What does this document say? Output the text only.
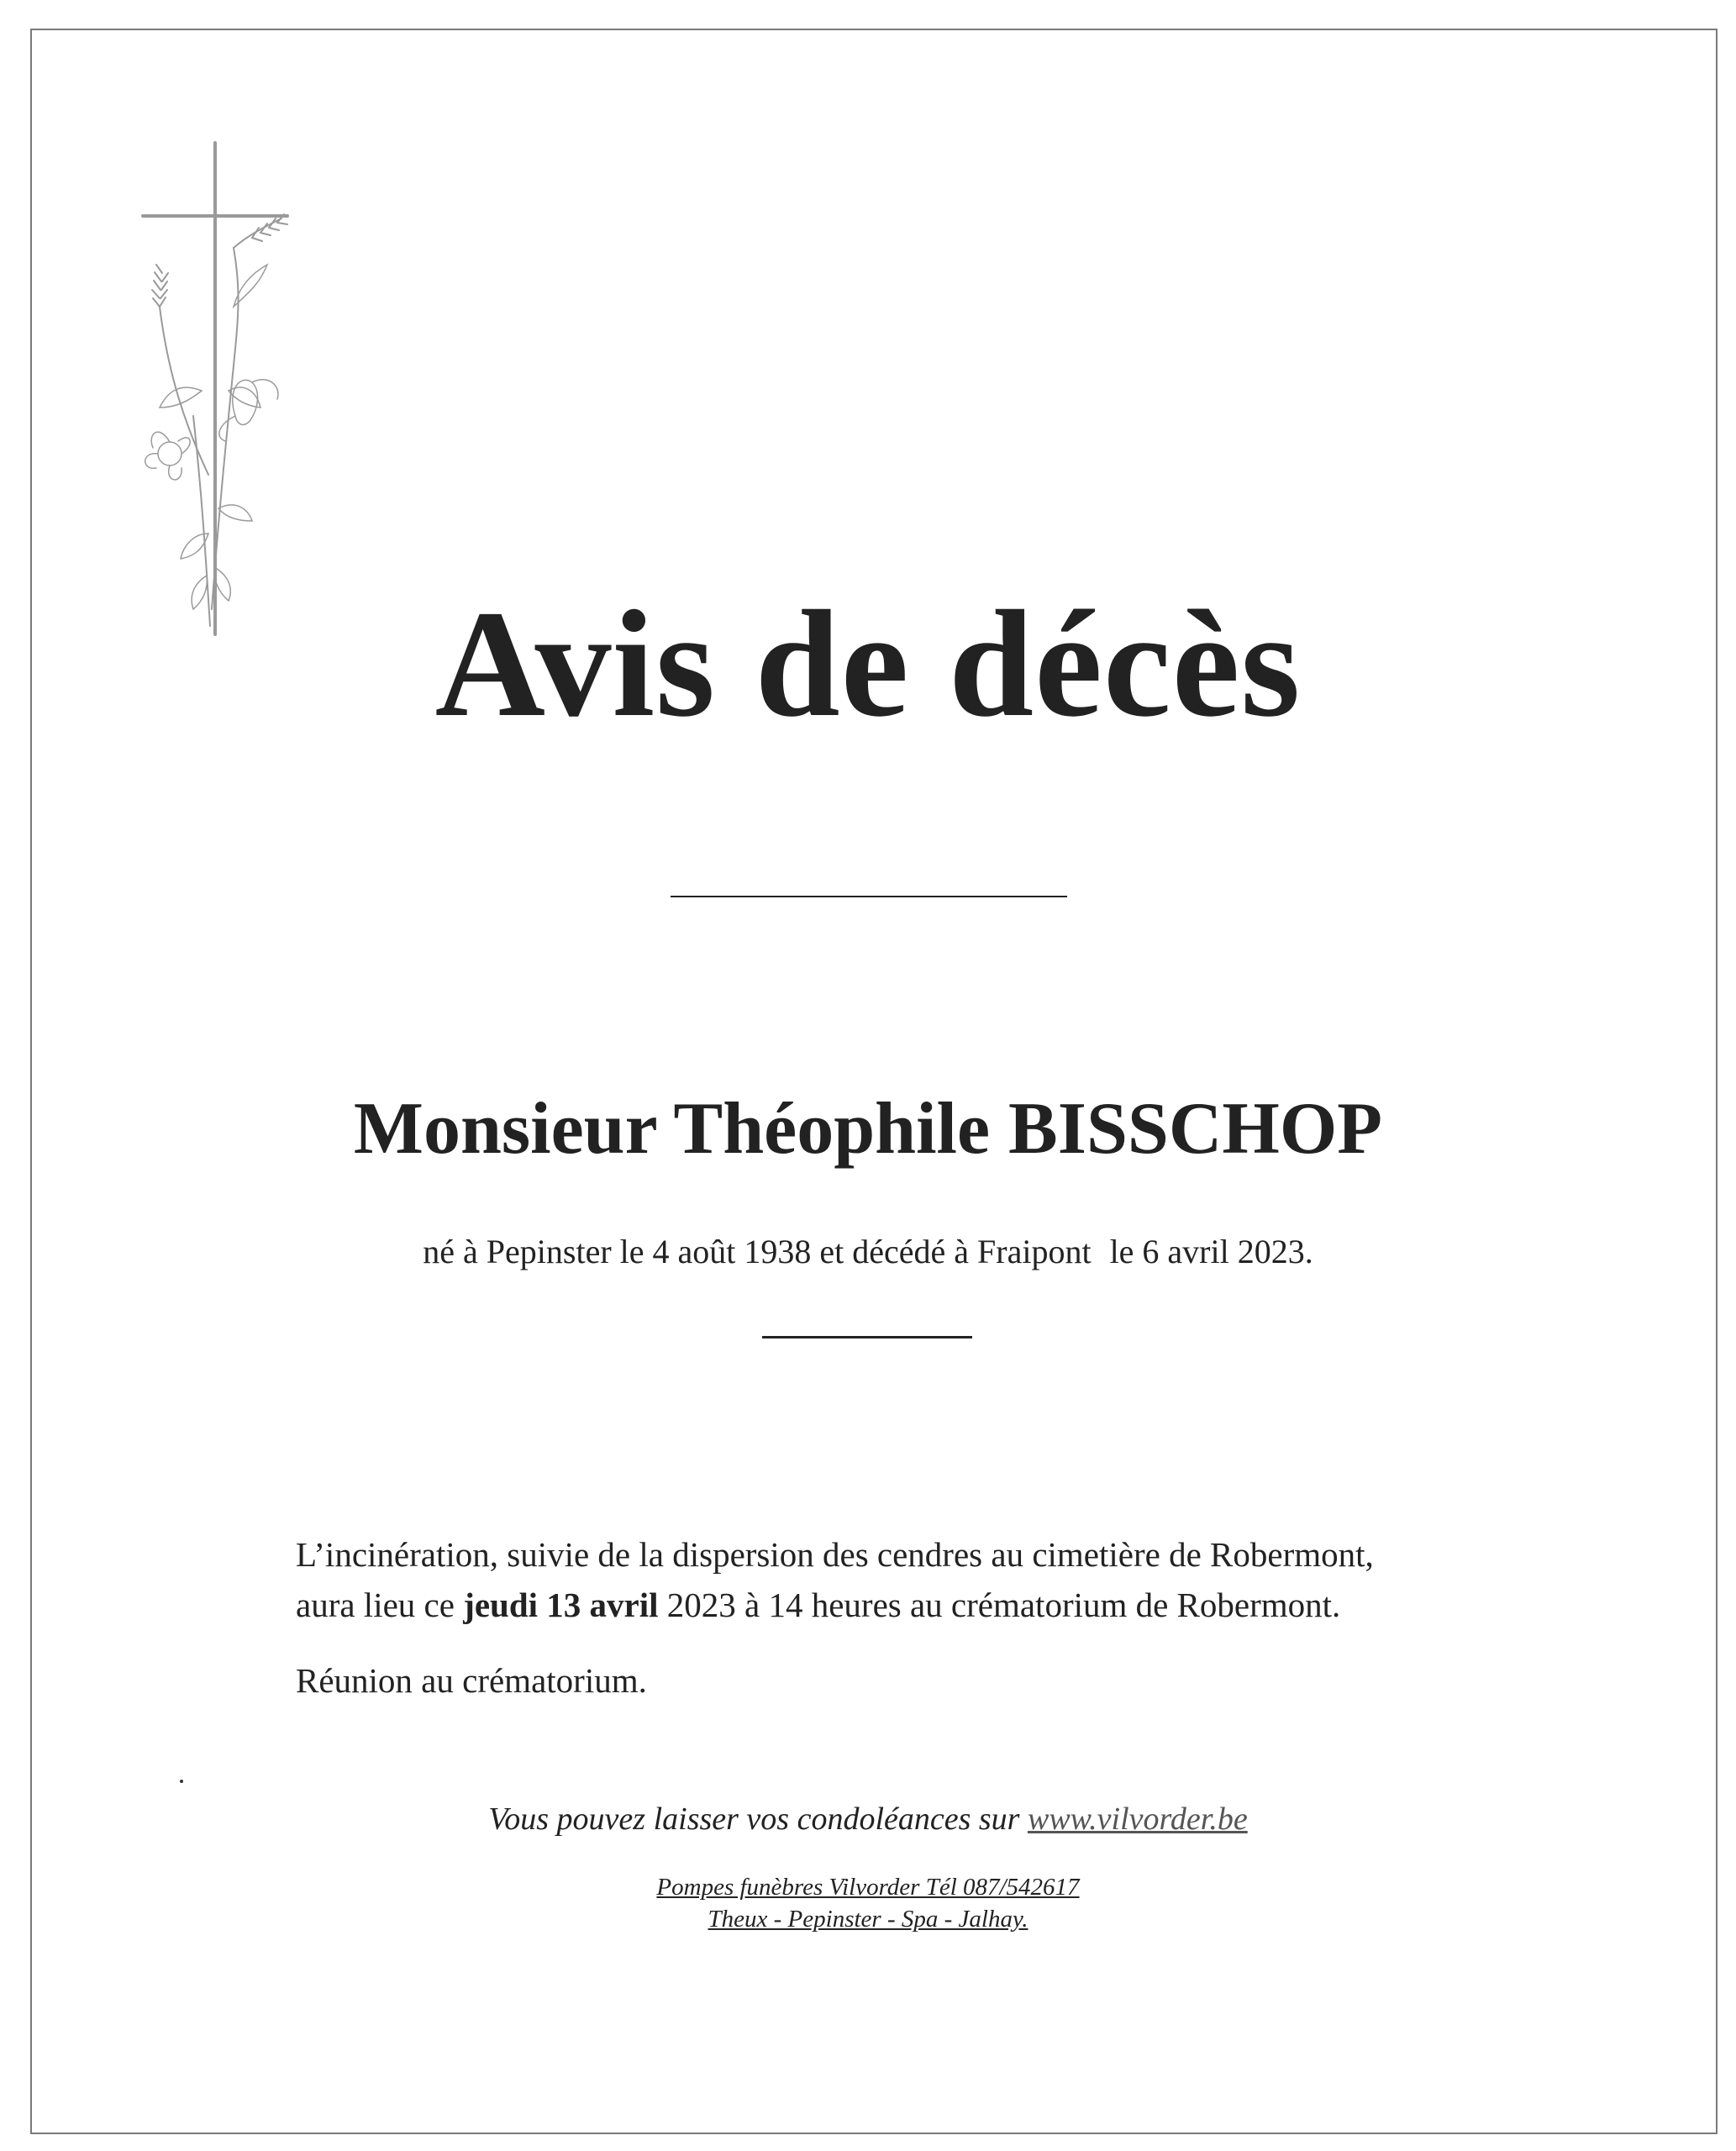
Avis de décès
Monsieur Théophile BISSCHOP
né à Pepinster le 4 août 1938 et décédé à Fraipont le 6 avril 2023.
L’incinération, suivie de la dispersion des cendres au cimetière de Robermont,
aura lieu ce jeudi 13 avril 2023 à 14 heures au crématorium de Robermont.
Réunion au crématorium.
Vous pouvez laisser vos condoléances sur www.vilvorder.be
Pompes funèbres Vilvorder Tél 087/542617
Theux - Pepinster - Spa - Jalhay.
